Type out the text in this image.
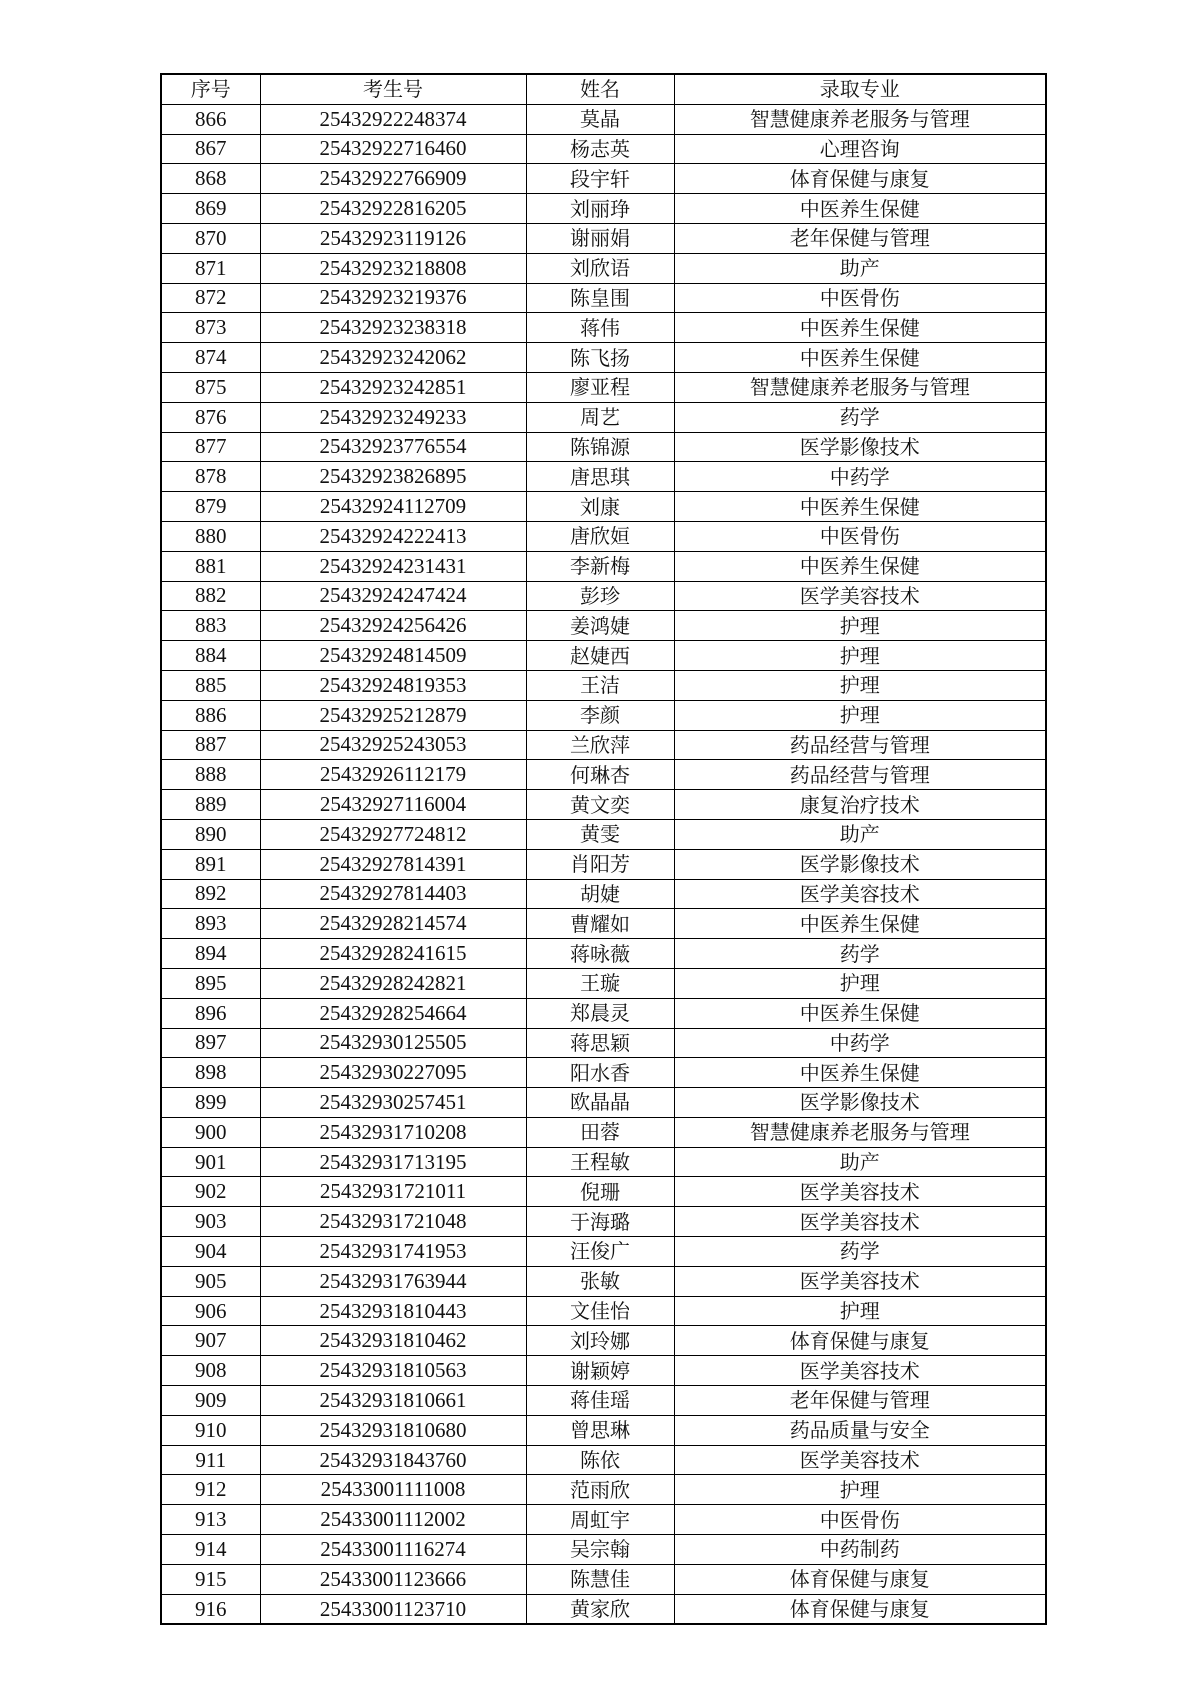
序号	考生号	姓名	录取专业
866	25432922248374	莫晶	智慧健康养老服务与管理
867	25432922716460	杨志英	心理咨询
868	25432922766909	段宇轩	体育保健与康复
869	25432922816205	刘丽琤	中医养生保健
870	25432923119126	谢丽娟	老年保健与管理
871	25432923218808	刘欣语	助产
872	25432923219376	陈皇围	中医骨伤
873	25432923238318	蒋伟	中医养生保健
874	25432923242062	陈飞扬	中医养生保健
875	25432923242851	廖亚程	智慧健康养老服务与管理
876	25432923249233	周艺	药学
877	25432923776554	陈锦源	医学影像技术
878	25432923826895	唐思琪	中药学
879	25432924112709	刘康	中医养生保健
880	25432924222413	唐欣姮	中医骨伤
881	25432924231431	李新梅	中医养生保健
882	25432924247424	彭珍	医学美容技术
883	25432924256426	姜鸿婕	护理
884	25432924814509	赵婕西	护理
885	25432924819353	王洁	护理
886	25432925212879	李颜	护理
887	25432925243053	兰欣萍	药品经营与管理
888	25432926112179	何琳杏	药品经营与管理
889	25432927116004	黄文奕	康复治疗技术
890	25432927724812	黄雯	助产
891	25432927814391	肖阳芳	医学影像技术
892	25432927814403	胡婕	医学美容技术
893	25432928214574	曹耀如	中医养生保健
894	25432928241615	蒋咏薇	药学
895	25432928242821	王璇	护理
896	25432928254664	郑晨灵	中医养生保健
897	25432930125505	蒋思颖	中药学
898	25432930227095	阳水香	中医养生保健
899	25432930257451	欧晶晶	医学影像技术
900	25432931710208	田蓉	智慧健康养老服务与管理
901	25432931713195	王程敏	助产
902	25432931721011	倪珊	医学美容技术
903	25432931721048	于海璐	医学美容技术
904	25432931741953	汪俊广	药学
905	25432931763944	张敏	医学美容技术
906	25432931810443	文佳怡	护理
907	25432931810462	刘玲娜	体育保健与康复
908	25432931810563	谢颖婷	医学美容技术
909	25432931810661	蒋佳瑶	老年保健与管理
910	25432931810680	曾思琳	药品质量与安全
911	25432931843760	陈依	医学美容技术
912	25433001111008	范雨欣	护理
913	25433001112002	周虹宇	中医骨伤
914	25433001116274	吴宗翰	中药制药
915	25433001123666	陈慧佳	体育保健与康复
916	25433001123710	黄家欣	体育保健与康复
